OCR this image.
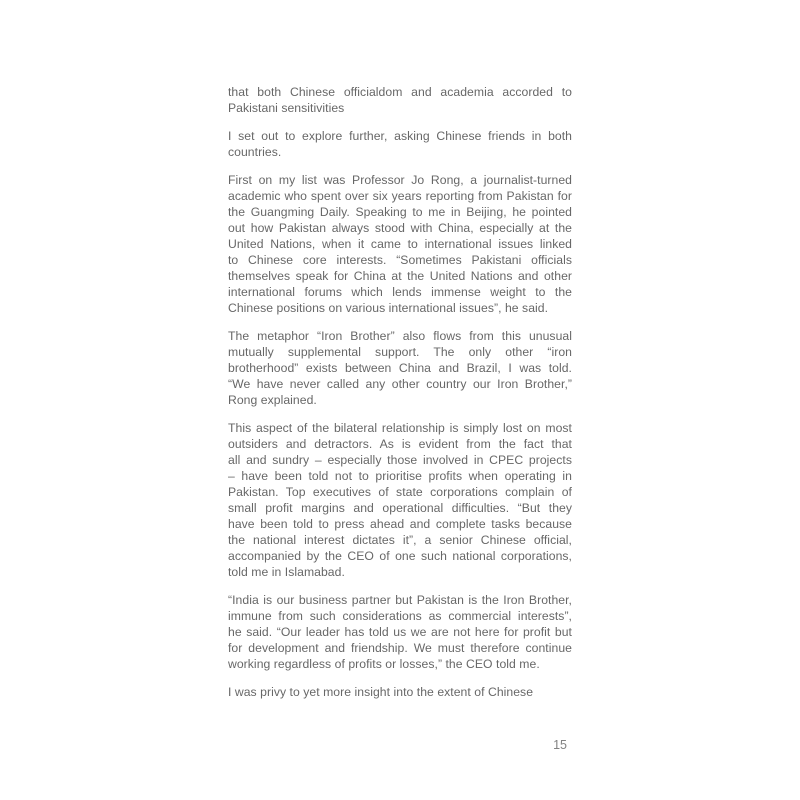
that both Chinese officialdom and academia accorded to
Pakistani sensitivities
I set out to explore further, asking Chinese friends in both
countries.
First on my list was Professor Jo Rong, a journalist-turned
academic who spent over six years reporting from Pakistan for
the Guangming Daily. Speaking to me in Beijing, he pointed
out how Pakistan always stood with China, especially at the
United Nations, when it came to international issues linked
to Chinese core interests. “Sometimes Pakistani officials
themselves speak for China at the United Nations and other
international forums which lends immense weight to the
Chinese positions on various international issues”, he said.
The metaphor “Iron Brother” also flows from this unusual
mutually supplemental support. The only other “iron
brotherhood” exists between China and Brazil, I was told.
“We have never called any other country our Iron Brother,”
Rong explained.
This aspect of the bilateral relationship is simply lost on most
outsiders and detractors. As is evident from the fact that
all and sundry – especially those involved in CPEC projects
– have been told not to prioritise profits when operating in
Pakistan. Top executives of state corporations complain of
small profit margins and operational difficulties. “But they
have been told to press ahead and complete tasks because
the national interest dictates it”, a senior Chinese official,
accompanied by the CEO of one such national corporations,
told me in Islamabad.
“India is our business partner but Pakistan is the Iron Brother,
immune from such considerations as commercial interests”,
he said. “Our leader has told us we are not here for profit but
for development and friendship. We must therefore continue
working regardless of profits or losses,” the CEO told me.
I was privy to yet more insight into the extent of Chinese
15
